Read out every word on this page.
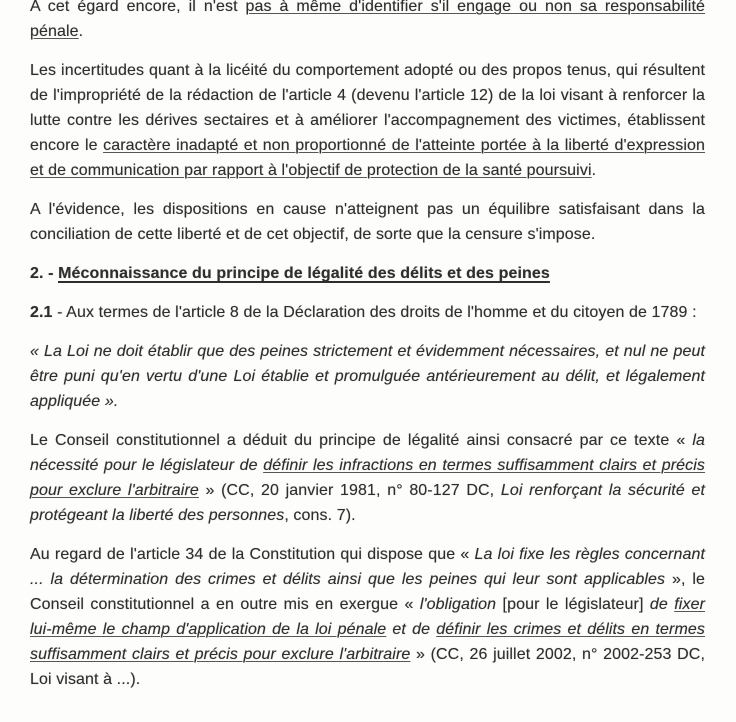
A cet égard encore, il n'est pas à même d'identifier s'il engage ou non sa responsabilité pénale.

Les incertitudes quant à la licéité du comportement adopté ou des propos tenus, qui résultent de l'impropriété de la rédaction de l'article 4 (devenu l'article 12) de la loi visant à renforcer la lutte contre les dérives sectaires et à améliorer l'accompagnement des victimes, établissent encore le caractère inadapté et non proportionné de l'atteinte portée à la liberté d'expression et de communication par rapport à l'objectif de protection de la santé poursuivi.

A l'évidence, les dispositions en cause n'atteignent pas un équilibre satisfaisant dans la conciliation de cette liberté et de cet objectif, de sorte que la censure s'impose.

2. - Méconnaissance du principe de légalité des délits et des peines

2.1 - Aux termes de l'article 8 de la Déclaration des droits de l'homme et du citoyen de 1789 :

« La Loi ne doit établir que des peines strictement et évidemment nécessaires, et nul ne peut être puni qu'en vertu d'une Loi établie et promulguée antérieurement au délit, et légalement appliquée ».

Le Conseil constitutionnel a déduit du principe de légalité ainsi consacré par ce texte « la nécessité pour le législateur de définir les infractions en termes suffisamment clairs et précis pour exclure l'arbitraire » (CC, 20 janvier 1981, n° 80-127 DC, Loi renforçant la sécurité et protégeant la liberté des personnes, cons. 7).

Au regard de l'article 34 de la Constitution qui dispose que « La loi fixe les règles concernant ... la détermination des crimes et délits ainsi que les peines qui leur sont applicables », le Conseil constitutionnel a en outre mis en exergue « l'obligation [pour le législateur] de fixer lui-même le champ d'application de la loi pénale et de définir les crimes et délits en termes suffisamment clairs et précis pour exclure l'arbitraire » (CC, 26 juillet 2002, n° 2002-253 DC, Loi visant à ...).
